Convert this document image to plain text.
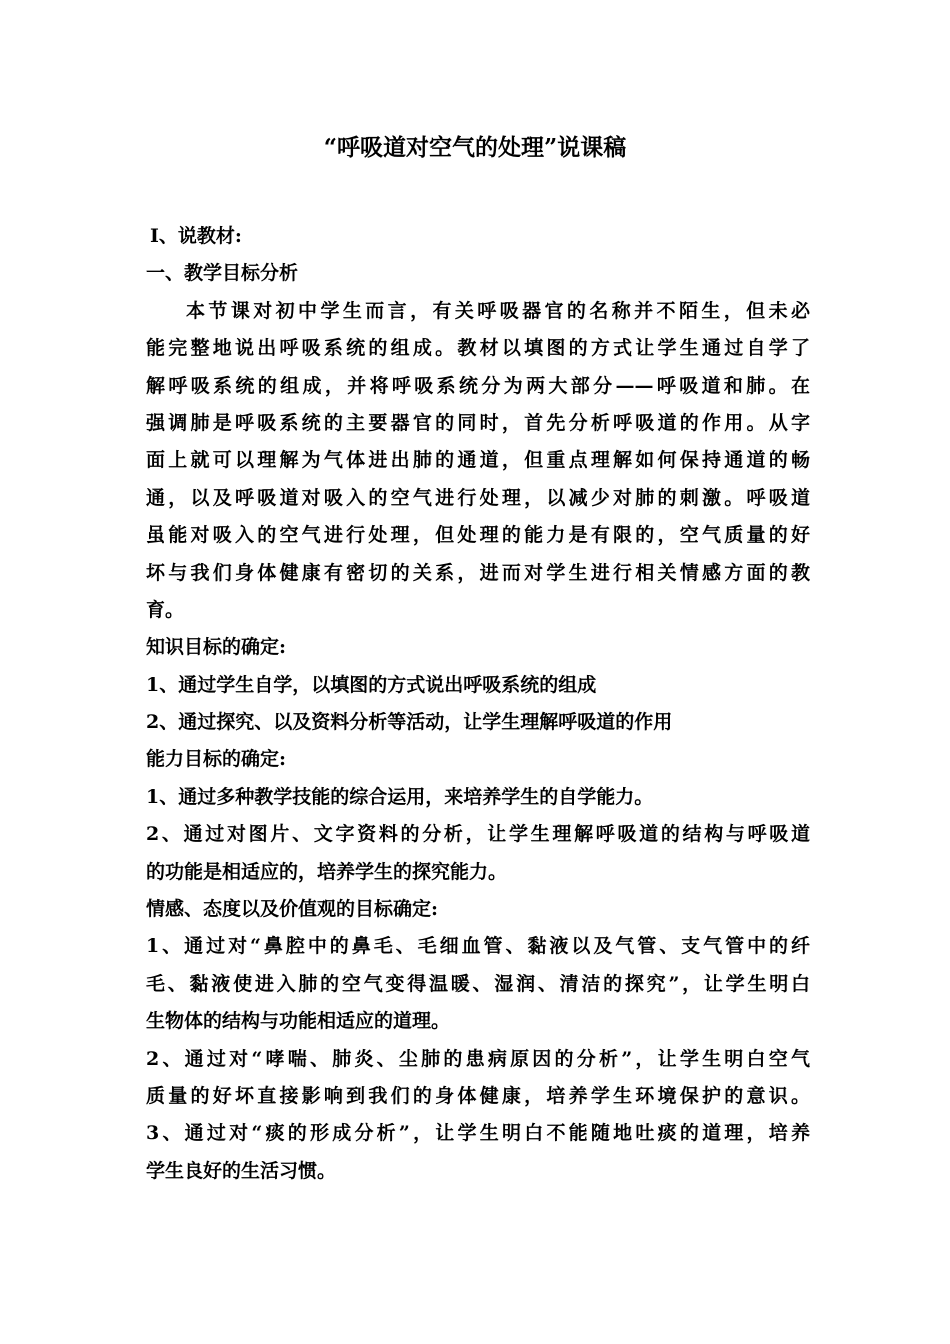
“呼吸道对空气的处理”说课稿
Ⅰ、说教材:
一、教学目标分析
本节课对初中学生而言，有关呼吸器官的名称并不陌生，但未必
能完整地说出呼吸系统的组成。教材以填图的方式让学生通过自学了
解呼吸系统的组成，并将呼吸系统分为两大部分——呼吸道和肺。在
强调肺是呼吸系统的主要器官的同时，首先分析呼吸道的作用。从字
面上就可以理解为气体进出肺的通道，但重点理解如何保持通道的畅
通，以及呼吸道对吸入的空气进行处理，以减少对肺的刺激。呼吸道
虽能对吸入的空气进行处理，但处理的能力是有限的，空气质量的好
坏与我们身体健康有密切的关系，进而对学生进行相关情感方面的教
育。
知识目标的确定:
1、通过学生自学，以填图的方式说出呼吸系统的组成
2、通过探究、以及资料分析等活动，让学生理解呼吸道的作用
能力目标的确定:
1、通过多种教学技能的综合运用，来培养学生的自学能力。
2、通过对图片、文字资料的分析，让学生理解呼吸道的结构与呼吸道
的功能是相适应的，培养学生的探究能力。
情感、态度以及价值观的目标确定:
1、通过对“鼻腔中的鼻毛、毛细血管、黏液以及气管、支气管中的纤
毛、黏液使进入肺的空气变得温暖、湿润、清洁的探究”，让学生明白
生物体的结构与功能相适应的道理。
2、通过对“哮喘、肺炎、尘肺的患病原因的分析”，让学生明白空气
质量的好坏直接影响到我们的身体健康，培养学生环境保护的意识。
3、通过对“痰的形成分析”，让学生明白不能随地吐痰的道理，培养
学生良好的生活习惯。
